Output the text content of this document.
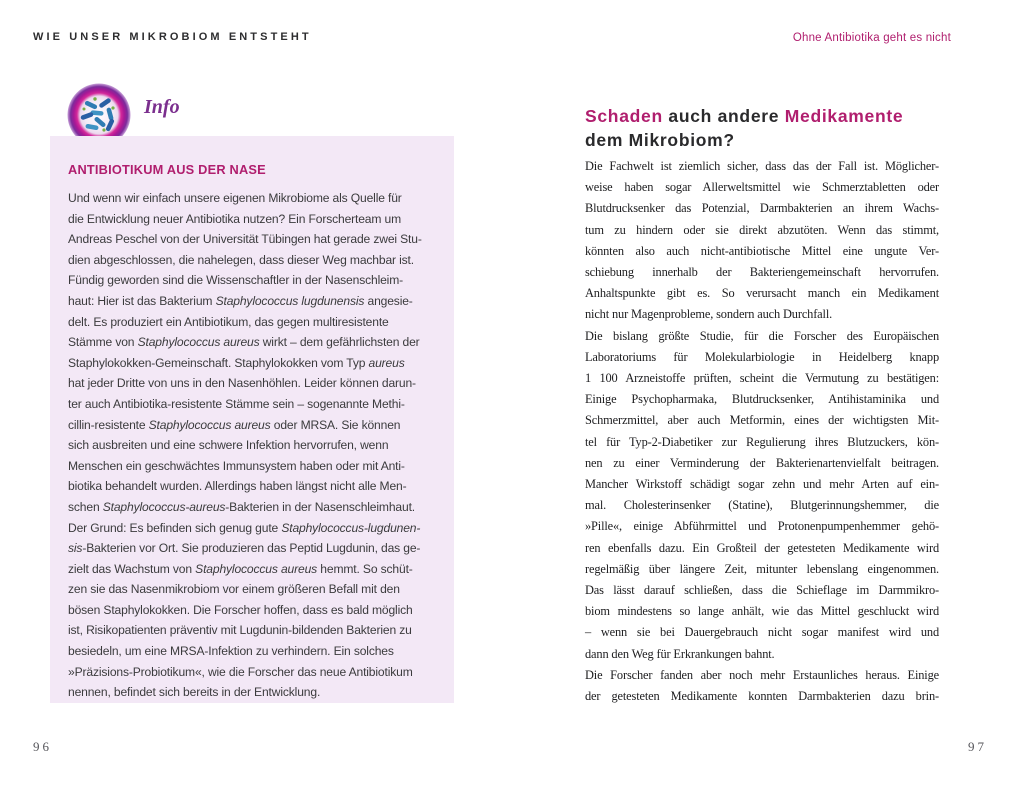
WIE UNSER MIKROBIOM ENTSTEHT
Info
ANTIBIOTIKUM AUS DER NASE
Und wenn wir einfach unsere eigenen Mikrobiome als Quelle für
die Entwicklung neuer Antibiotika nutzen? Ein Forscherteam um
Andreas Peschel von der Universität Tübingen hat gerade zwei Stu-
dien abgeschlossen, die nahelegen, dass dieser Weg machbar ist.
Fündig geworden sind die Wissenschaftler in der Nasenschleim-
haut: Hier ist das Bakterium Staphylococcus lugdunensis angesie-
delt. Es produziert ein Antibiotikum, das gegen multiresistente
Stämme von Staphylococcus aureus wirkt – dem gefährlichsten der
Staphylokokken-Gemeinschaft. Staphylokokken vom Typ aureus
hat jeder Dritte von uns in den Nasenhöhlen. Leider können darun-
ter auch Antibiotika-resistente Stämme sein – sogenannte Methi-
cillin-resistente Staphylococcus aureus oder MRSA. Sie können
sich ausbreiten und eine schwere Infektion hervorrufen, wenn
Menschen ein geschwächtes Immunsystem haben oder mit Anti-
biotika behandelt wurden. Allerdings haben längst nicht alle Men-
schen Staphylococcus-aureus-Bakterien in der Nasenschleimhaut.
Der Grund: Es befinden sich genug gute Staphylococcus-lugdunen-
sis-Bakterien vor Ort. Sie produzieren das Peptid Lugdunin, das ge-
zielt das Wachstum von Staphylococcus aureus hemmt. So schüt-
zen sie das Nasenmikrobiom vor einem größeren Befall mit den
bösen Staphylokokken. Die Forscher hoffen, dass es bald möglich
ist, Risikopatienten präventiv mit Lugdunin-bildenden Bakterien zu
besiedeln, um eine MRSA-Infektion zu verhindern. Ein solches
»Präzisions-Probiotikum«, wie die Forscher das neue Antibiotikum
nennen, befindet sich bereits in der Entwicklung.
96
Ohne Antibiotika geht es nicht
Schaden auch andere Medikamente
dem Mikrobiom?
Die Fachwelt ist ziemlich sicher, dass das der Fall ist. Möglicher-
weise haben sogar Allerweltsmittel wie Schmerztabletten oder
Blutdrucksenker das Potenzial, Darmbakterien an ihrem Wachs-
tum zu hindern oder sie direkt abzutöten. Wenn das stimmt,
könnten also auch nicht-antibiotische Mittel eine ungute Ver-
schiebung innerhalb der Bakteriengemeinschaft hervorrufen.
Anhaltspunkte gibt es. So verursacht manch ein Medikament
nicht nur Magenprobleme, sondern auch Durchfall.
Die bislang größte Studie, für die Forscher des Europäischen
Laboratoriums für Molekularbiologie in Heidelberg knapp
1 100 Arzneistoffe prüften, scheint die Vermutung zu bestätigen:
Einige Psychopharmaka, Blutdrucksenker, Antihistaminika und
Schmerzmittel, aber auch Metformin, eines der wichtigsten Mit-
tel für Typ-2-Diabetiker zur Regulierung ihres Blutzuckers, kön-
nen zu einer Verminderung der Bakterienartenvielfalt beitragen.
Mancher Wirkstoff schädigt sogar zehn und mehr Arten auf ein-
mal. Cholesterinsenker (Statine), Blutgerinnungshemmer, die
»Pille«, einige Abführmittel und Protonenpumpenhemmer gehö-
ren ebenfalls dazu. Ein Großteil der getesteten Medikamente wird
regelmäßig über längere Zeit, mitunter lebenslang eingenommen.
Das lässt darauf schließen, dass die Schieflage im Darmmikro-
biom mindestens so lange anhält, wie das Mittel geschluckt wird
– wenn sie bei Dauergebrauch nicht sogar manifest wird und
dann den Weg für Erkrankungen bahnt.
Die Forscher fanden aber noch mehr Erstaunliches heraus. Einige
der getesteten Medikamente konnten Darmbakterien dazu brin-
97
